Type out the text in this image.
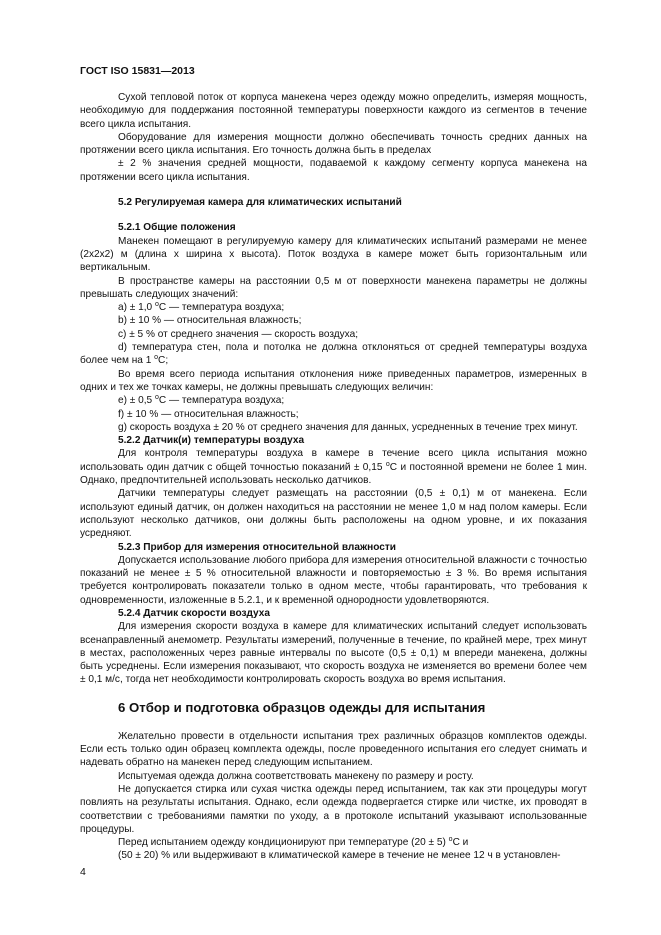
ГОСТ ISO 15831—2013

Сухой тепловой поток от корпуса манекена через одежду можно определить, измеряя мощность, необходимую для поддержания постоянной температуры поверхности каждого из сегментов в течение всего цикла испытания.

Оборудование для измерения мощности должно обеспечивать точность средних данных на протяжении всего цикла испытания. Его точность должна быть в пределах

± 2 % значения средней мощности, подаваемой к каждому сегменту корпуса манекена на протяжении всего цикла испытания.

5.2 Регулируемая камера для климатических испытаний

5.2.1 Общие положения

Манекен помещают в регулируемую камеру для климатических испытаний размерами не менее (2х2х2) м (длина х ширина х высота). Поток воздуха в камере может быть горизонтальным или вертикальным.

В пространстве камеры на расстоянии 0,5 м от поверхности манекена параметры не должны превышать следующих значений:

а) ± 1,0 $^о$С — температура воздуха;

b) ± 10 % — относительная влажность;

с) ± 5 % от среднего значения — скорость воздуха;

d) температура стен, пола и потолка не должна отклоняться от средней температуры воздуха более чем на 1 $^о$С;

Во время всего периода испытания отклонения ниже приведенных параметров, измеренных в одних и тех же точках камеры, не должны превышать следующих величин:

е) ± 0,5 $^о$С — температура воздуха;

f) ± 10 % — относительная влажность;

g) скорость воздуха ± 20 % от среднего значения для данных, усредненных в течение трех минут.

5.2.2 Датчик(и) температуры воздуха

Для контроля температуры воздуха в камере в течение всего цикла испытания можно использовать один датчик с общей точностью показаний ± 0,15 $^о$С и постоянной времени не более 1 мин. Однако, предпочтительней использовать несколько датчиков.

Датчики температуры следует размещать на расстоянии (0,5 ± 0,1) м от манекена. Если используют единый датчик, он должен находиться на расстоянии не менее 1,0 м над полом камеры. Если используют несколько датчиков, они должны быть расположены на одном уровне, и их показания усредняют.

5.2.3 Прибор для измерения относительной влажности

Допускается использование любого прибора для измерения относительной влажности с точностью показаний не менее ± 5 % относительной влажности и повторяемостью ± 3 %. Во время испытания требуется контролировать показатели только в одном месте, чтобы гарантировать, что требования к одновременности, изложенные в 5.2.1, и к временной однородности удовлетворяются.

5.2.4 Датчик скорости воздуха

Для измерения скорости воздуха в камере для климатических испытаний следует использовать всенаправленный анемометр. Результаты измерений, полученные в течение, по крайней мере, трех минут в местах, расположенных через равные интервалы по высоте (0,5 ± 0,1) м впереди манекена, должны быть усреднены. Если измерения показывают, что скорость воздуха не изменяется во времени более чем ± 0,1 м/с, тогда нет необходимости контролировать скорость воздуха во время испытания.

6 Отбор и подготовка образцов одежды для испытания

Желательно провести в отдельности испытания трех различных образцов комплектов одежды. Если есть только один образец комплекта одежды, после проведенного испытания его следует снимать и надевать обратно на манекен перед следующим испытанием.

Испытуемая одежда должна соответствовать манекену по размеру и росту.

Не допускается стирка или сухая чистка одежды перед испытанием, так как эти процедуры могут повлиять на результаты испытания. Однако, если одежда подвергается стирке или чистке, их проводят в соответствии с требованиями памятки по уходу, а в протоколе испытаний указывают использованные процедуры.

Перед испытанием одежду кондиционируют при температуре (20 ± 5) $^о$С и

(50 ± 20) % или выдерживают в климатической камере в течение не менее 12 ч в установлен-

4
